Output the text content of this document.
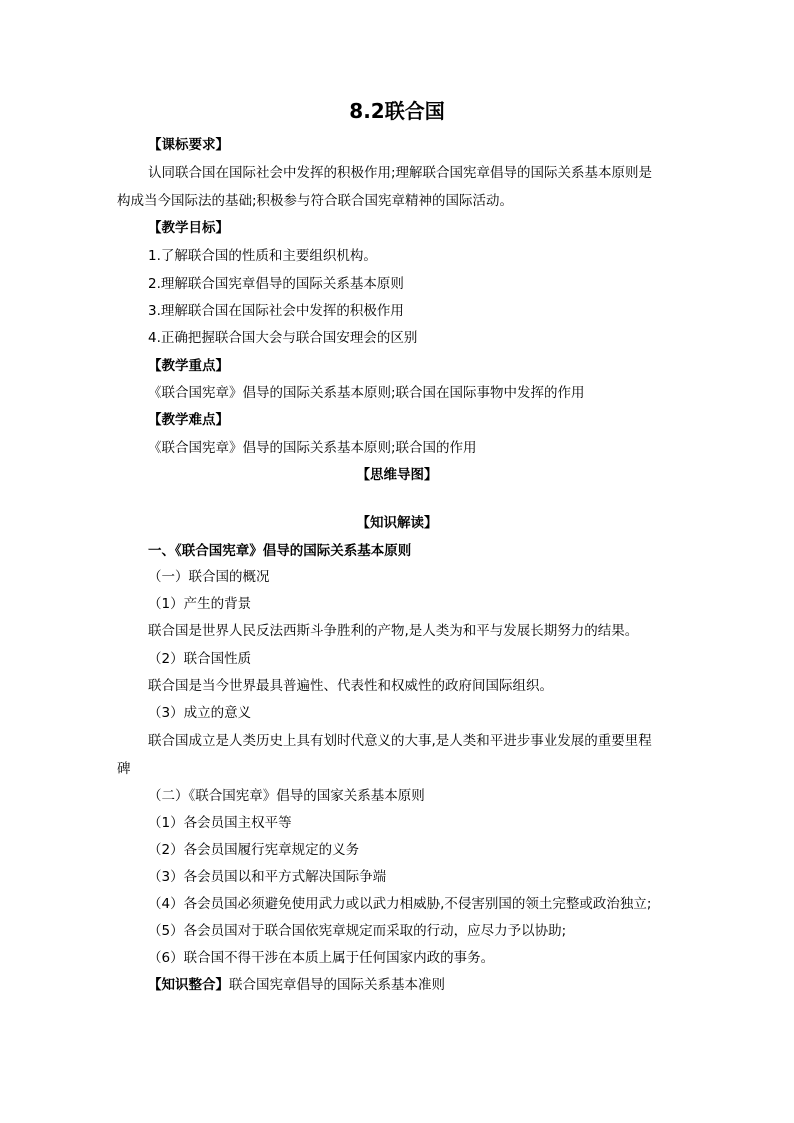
8.2联合国
【课标要求】
认同联合国在国际社会中发挥的积极作用;理解联合国宪章倡导的国际关系基本原则是
构成当今国际法的基础;积极参与符合联合国宪章精神的国际活动。
【教学目标】
1.了解联合国的性质和主要组织机构。
2.理解联合国宪章倡导的国际关系基本原则
3.理解联合国在国际社会中发挥的积极作用
4.正确把握联合国大会与联合国安理会的区别
【教学重点】
《联合国宪章》倡导的国际关系基本原则;联合国在国际事物中发挥的作用
【教学难点】
《联合国宪章》倡导的国际关系基本原则;联合国的作用
【思维导图】
【知识解读】
一、《联合国宪章》倡导的国际关系基本原则
（一）联合国的概况
（1）产生的背景
联合国是世界人民反法西斯斗争胜利的产物,是人类为和平与发展长期努力的结果。
（2）联合国性质
联合国是当今世界最具普遍性、代表性和权威性的政府间国际组织。
（3）成立的意义
联合国成立是人类历史上具有划时代意义的大事,是人类和平进步事业发展的重要里程
碑
（二）《联合国宪章》倡导的国家关系基本原则
（1）各会员国主权平等
（2）各会员国履行宪章规定的义务
（3）各会员国以和平方式解决国际争端
（4）各会员国必须避免使用武力或以武力相威胁,不侵害别国的领土完整或政治独立;
（5）各会员国对于联合国依宪章规定而采取的行动，应尽力予以协助;
（6）联合国不得干涉在本质上属于任何国家内政的事务。
【知识整合】联合国宪章倡导的国际关系基本准则
